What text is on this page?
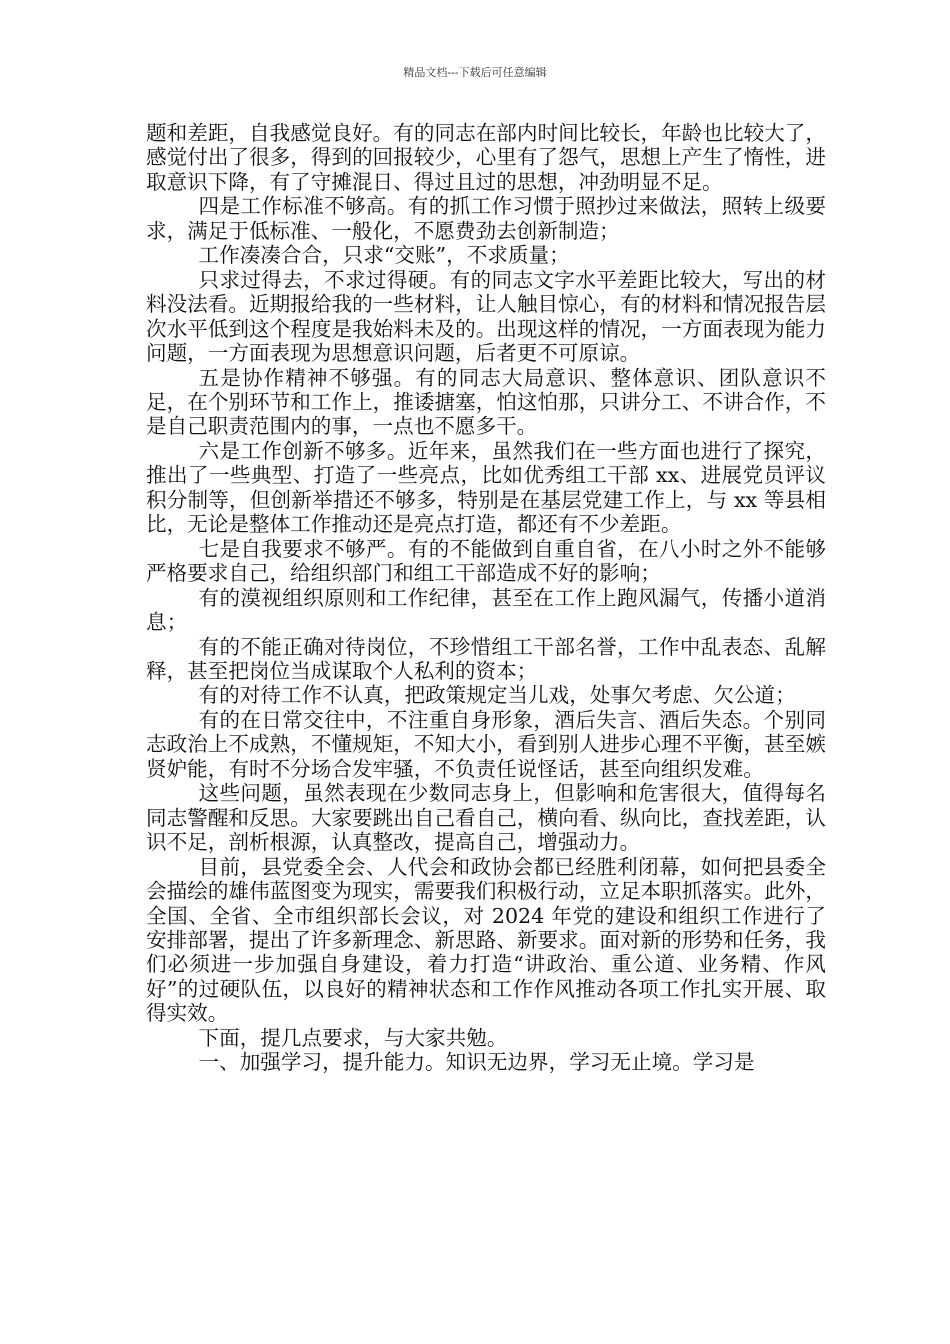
精品文档---下载后可任意编辑

题和差距，自我感觉良好。有的同志在部内时间比较长，年龄也比较大了，感觉付出了很多，得到的回报较少，心里有了怨气，思想上产生了惰性，进取意识下降，有了守摊混日、得过且过的思想，冲劲明显不足。

四是工作标准不够高。有的抓工作习惯于照抄过来做法，照转上级要求，满足于低标准、一般化，不愿费劲去创新制造；

工作凑凑合合，只求“交账”，不求质量；

只求过得去，不求过得硬。有的同志文字水平差距比较大，写出的材料没法看。近期报给我的一些材料，让人触目惊心，有的材料和情况报告层次水平低到这个程度是我始料未及的。出现这样的情况，一方面表现为能力问题，一方面表现为思想意识问题，后者更不可原谅。

五是协作精神不够强。有的同志大局意识、整体意识、团队意识不足，在个别环节和工作上，推诿搪塞，怕这怕那，只讲分工、不讲合作，不是自己职责范围内的事，一点也不愿多干。

六是工作创新不够多。近年来，虽然我们在一些方面也进行了探究，推出了一些典型、打造了一些亮点，比如优秀组工干部 xx、进展党员评议积分制等，但创新举措还不够多，特别是在基层党建工作上，与 xx 等县相比，无论是整体工作推动还是亮点打造，都还有不少差距。

七是自我要求不够严。有的不能做到自重自省，在八小时之外不能够严格要求自己，给组织部门和组工干部造成不好的影响；

有的漠视组织原则和工作纪律，甚至在工作上跑风漏气，传播小道消息；

有的不能正确对待岗位，不珍惜组工干部名誉，工作中乱表态、乱解释，甚至把岗位当成谋取个人私利的资本；

有的对待工作不认真，把政策规定当儿戏，处事欠考虑、欠公道；

有的在日常交往中，不注重自身形象，酒后失言、酒后失态。个别同志政治上不成熟，不懂规矩，不知大小，看到别人进步心理不平衡，甚至嫉贤妒能，有时不分场合发牢骚，不负责任说怪话，甚至向组织发难。

这些问题，虽然表现在少数同志身上，但影响和危害很大，值得每名同志警醒和反思。大家要跳出自己看自己，横向看、纵向比，查找差距，认识不足，剖析根源，认真整改，提高自己，增强动力。

目前，县党委全会、人代会和政协会都已经胜利闭幕，如何把县委全会描绘的雄伟蓝图变为现实，需要我们积极行动，立足本职抓落实。此外，全国、全省、全市组织部长会议，对 2024 年党的建设和组织工作进行了安排部署，提出了许多新理念、新思路、新要求。面对新的形势和任务，我们必须进一步加强自身建设，着力打造“讲政治、重公道、业务精、作风好”的过硬队伍，以良好的精神状态和工作作风推动各项工作扎实开展、取得实效。

下面，提几点要求，与大家共勉。

一、加强学习，提升能力。知识无边界，学习无止境。学习是
